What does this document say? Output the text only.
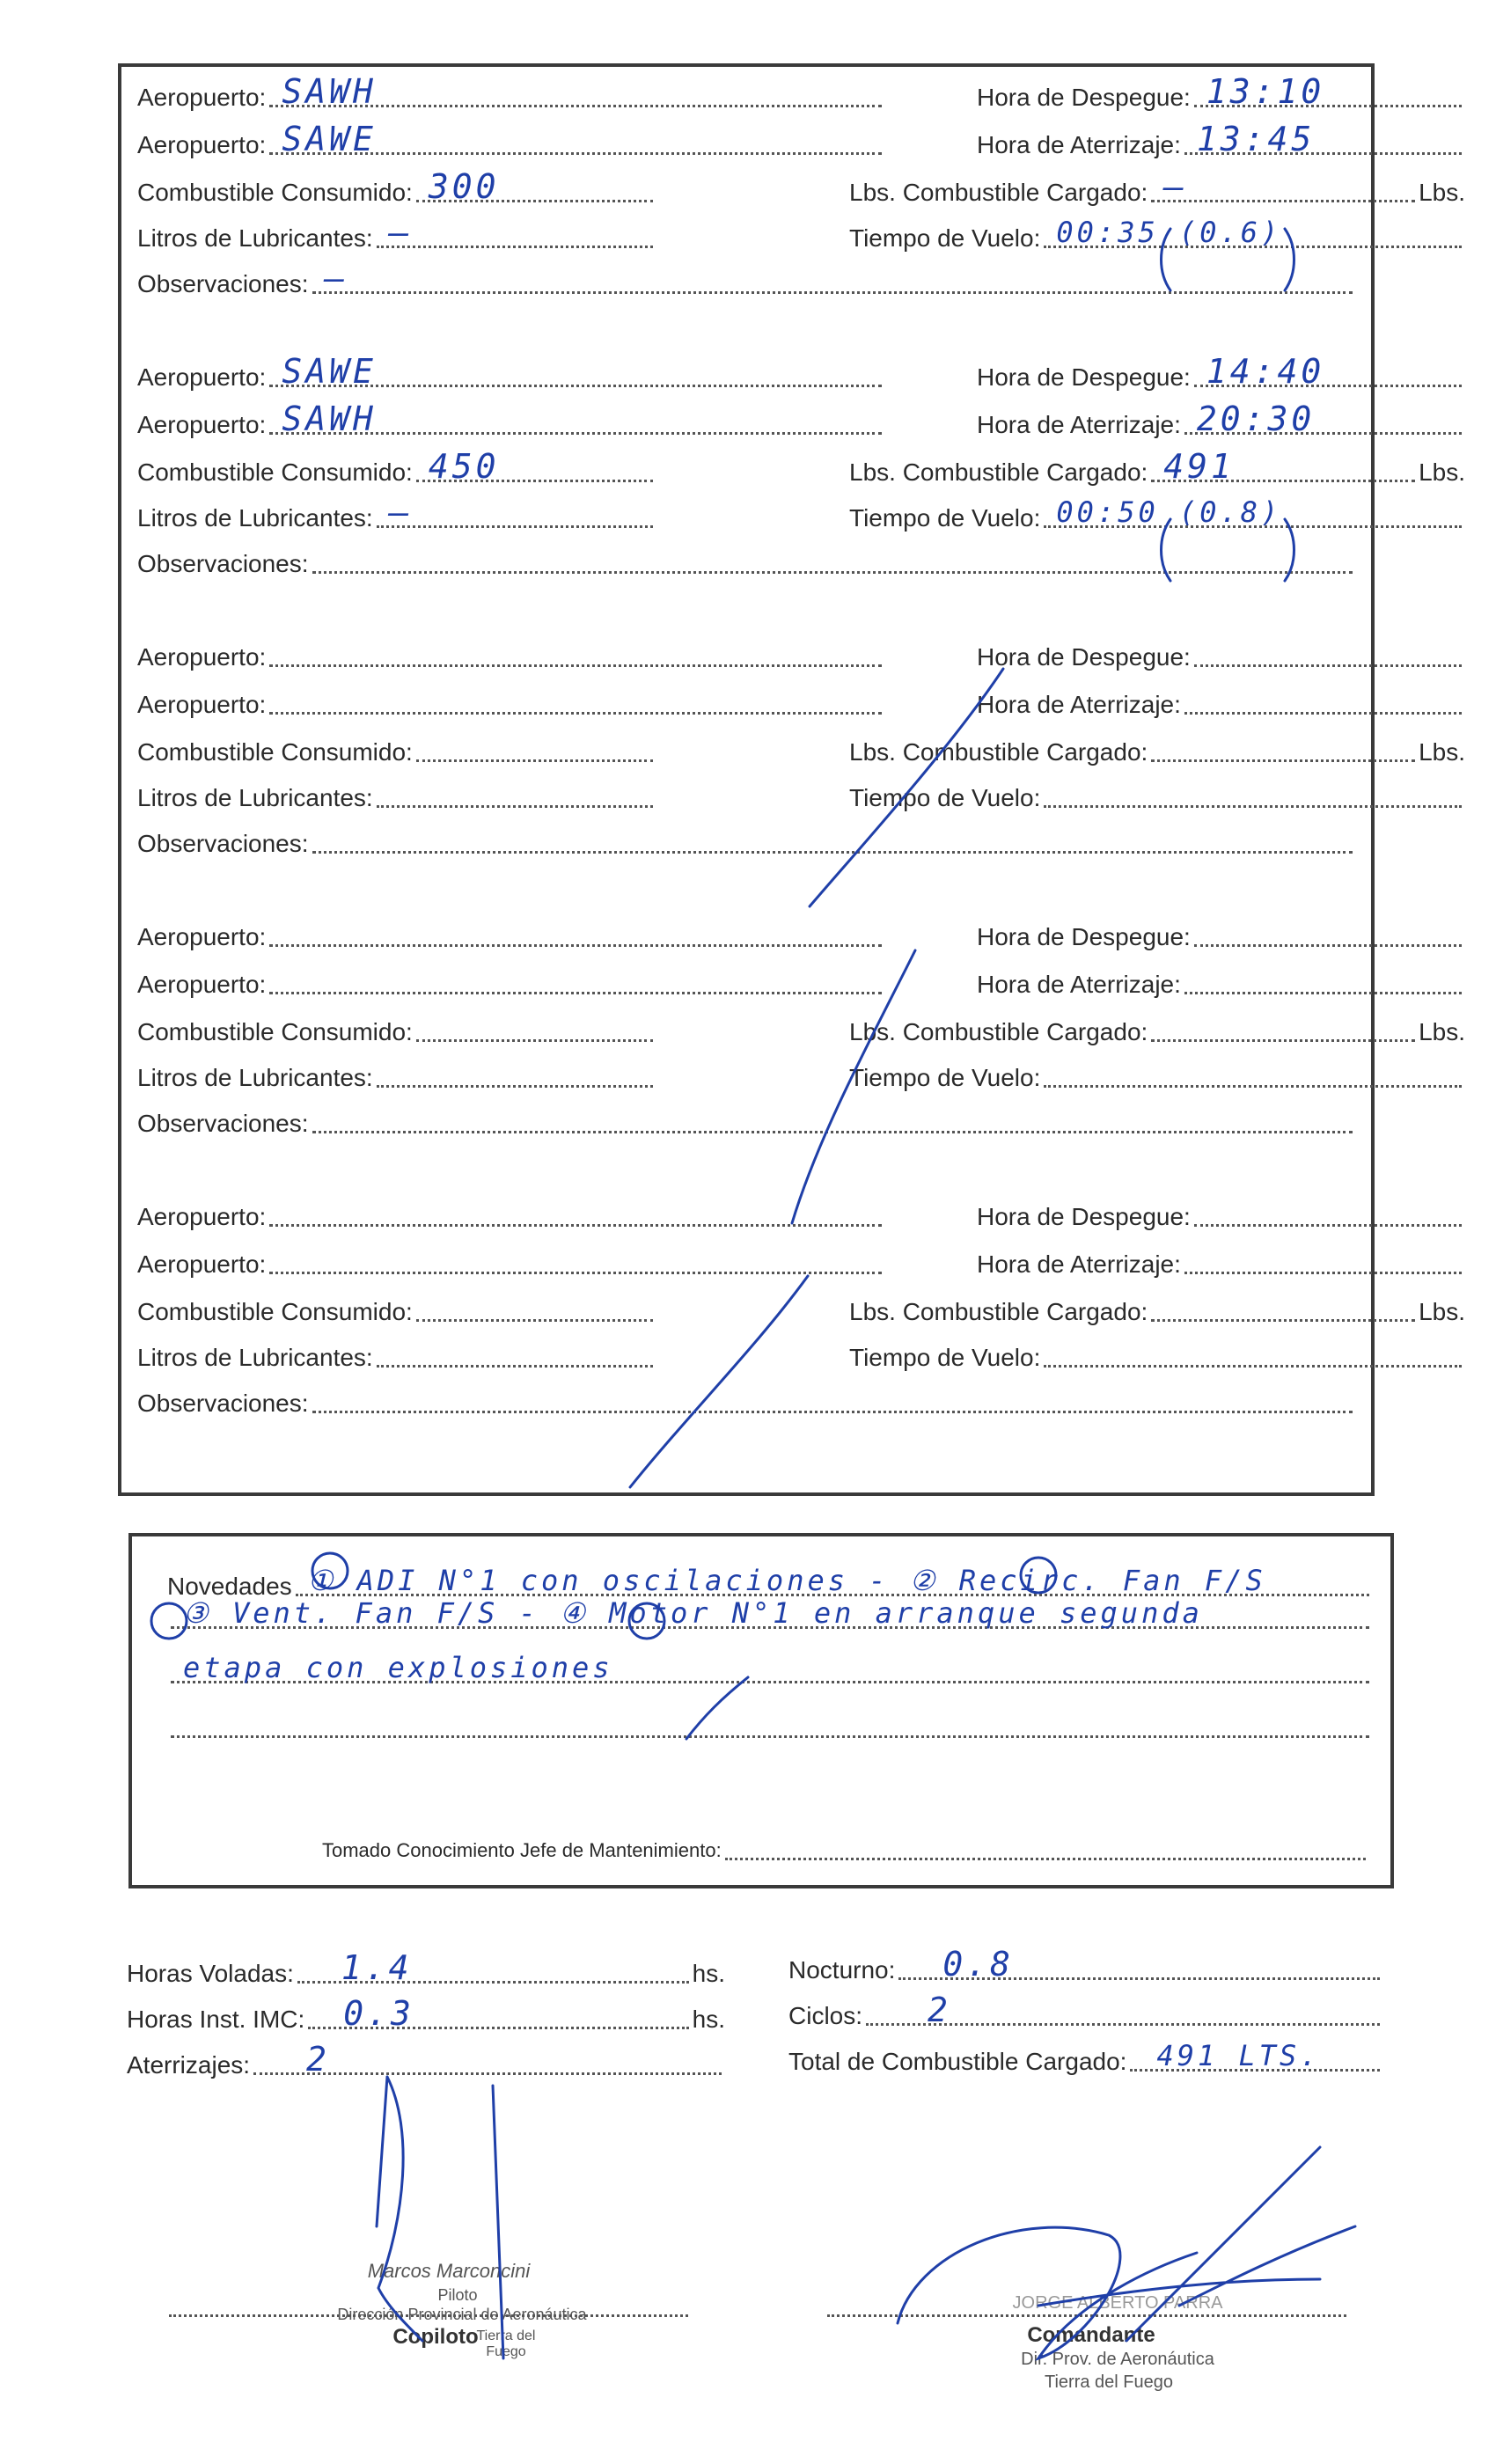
Aeropuerto: SAWH	Hora de Despegue: 13:10
Aeropuerto: SAWE	Hora de Aterrizaje: 13:45
Combustible Consumido: 300	Lbs. Combustible Cargado: —	Lbs.
Litros de Lubricantes: —	Tiempo de Vuelo: 00:35 (0.6)
Observaciones: —
Aeropuerto: SAWE	Hora de Despegue: 14:40
Aeropuerto: SAWH	Hora de Aterrizaje: 20:30
Combustible Consumido: 450	Lbs. Combustible Cargado: 491	Lbs.
Litros de Lubricantes: —	Tiempo de Vuelo: 00:50 (0.8)
Observaciones:
Aeropuerto:	Hora de Despegue:
Aeropuerto:	Hora de Aterrizaje:
Combustible Consumido:	Lbs. Combustible Cargado:	Lbs.
Litros de Lubricantes:	Tiempo de Vuelo:
Observaciones:
Aeropuerto:	Hora de Despegue:
Aeropuerto:	Hora de Aterrizaje:
Combustible Consumido:	Lbs. Combustible Cargado:	Lbs.
Litros de Lubricantes:	Tiempo de Vuelo:
Observaciones:
Aeropuerto:	Hora de Despegue:
Aeropuerto:	Hora de Aterrizaje:
Combustible Consumido:	Lbs. Combustible Cargado:	Lbs.
Litros de Lubricantes:	Tiempo de Vuelo:
Observaciones:
Novedades ① ADI N°1 con oscilaciones - ② Recirc. Fan F/S
③ Vent. Fan F/S - ④ Motor N°1 en arranque segunda
etapa con explosiones
Tomado Conocimiento Jefe de Mantenimiento:
Horas Voladas: 1.4	hs.
Horas Inst. IMC: 0.3	hs.
Aterrizajes: 2
Nocturno: 0.8
Ciclos: 2
Total de Combustible Cargado: 491 LTS.
Marcos Marconcini
Piloto
Dirección Provincial de Aeronáutica
Copiloto
Tierra del Fuego
JORGE ALBERTO PARRA
Comandante
Dir. Prov. de Aeronáutica
Tierra del Fuego
